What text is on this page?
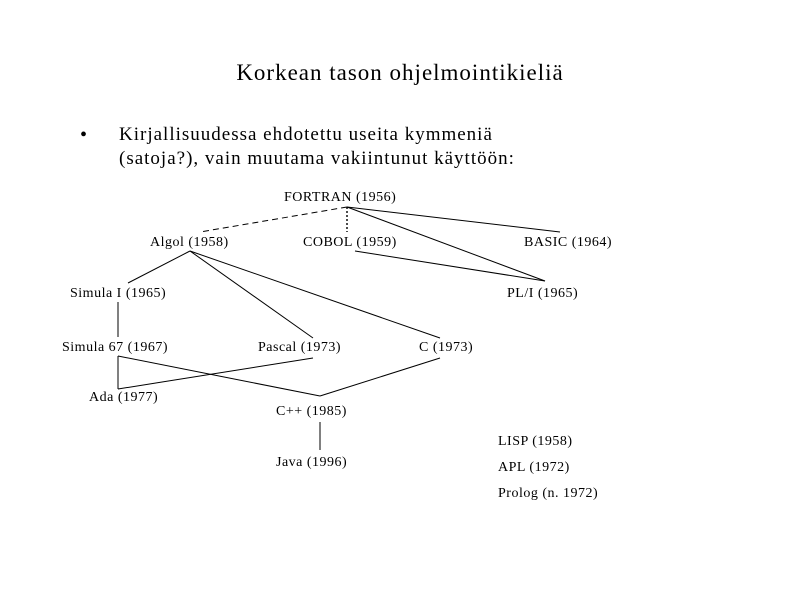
Korkean tason ohjelmointikieliä
• Kirjallisuudessa ehdotettu useita kymmeniä
(satoja?), vain muutama vakiintunut käyttöön:
FORTRAN (1956)
Algol (1958)	COBOL (1959)	BASIC (1964)
Simula I (1965)	PL/I (1965)
Simula 67 (1967)	Pascal (1973)	C (1973)
Ada (1977)
C++ (1985)
Java (1996)
LISP (1958)
APL (1972)
Prolog (n. 1972)
